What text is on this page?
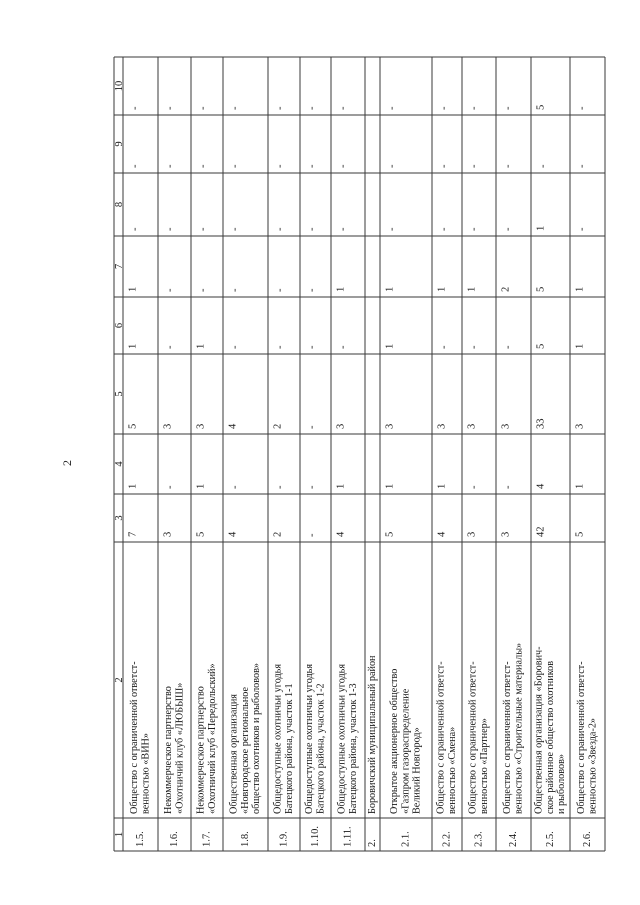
2
1
2
3
4
5
6
7
8
9
10
1.5.
Общество с ограниченной ответст- венностью «ВИН»
7
1
5
1
1
-
-
-
1.6.
Некоммерческое партнерство «Охотничий клуб «ЛЮБЫШ»
3
-
3
-
-
-
-
-
1.7.
Некоммерческое партнерство «Охотничий клуб «Передольский»
5
1
3
1
-
-
-
-
1.8.
Общественная организация «Новгородское региональное общество охотников и рыболовов»
4
-
4
-
-
-
-
-
1.9.
Общедоступные охотничьи угодья Батецкого района, участок 1-1
2
-
2
-
-
-
-
-
1.10.
Общедоступные охотничьи угодья Батецкого района, участок 1-2
-
-
-
-
-
-
-
-
1.11.
Общедоступные охотничьи угодья Батецкого района, участок 1-3
4
1
3
-
1
-
-
-
2.
Боровичский муниципальный район
2.1.
Открытое акционерное общество «Газпром газораспределение Великий Новгород»
5
1
3
1
1
-
-
-
2.2.
Общество с ограниченной ответст- венностью «Смена»
4
1
3
-
1
-
-
-
2.3.
Общество с ограниченной ответст- венностью «Партнер»
3
-
3
-
1
-
-
-
2.4.
Общество с ограниченной ответст- венностью «Строительные материалы»
3
-
3
-
2
-
-
-
2.5.
Общественная организация «Борович- ское районное общество охотников и рыболовов»
42
4
33
5
5
1
-
5
2.6.
Общество с ограниченной ответст- венностью «Звезда-2»
5
1
3
1
1
-
-
-
